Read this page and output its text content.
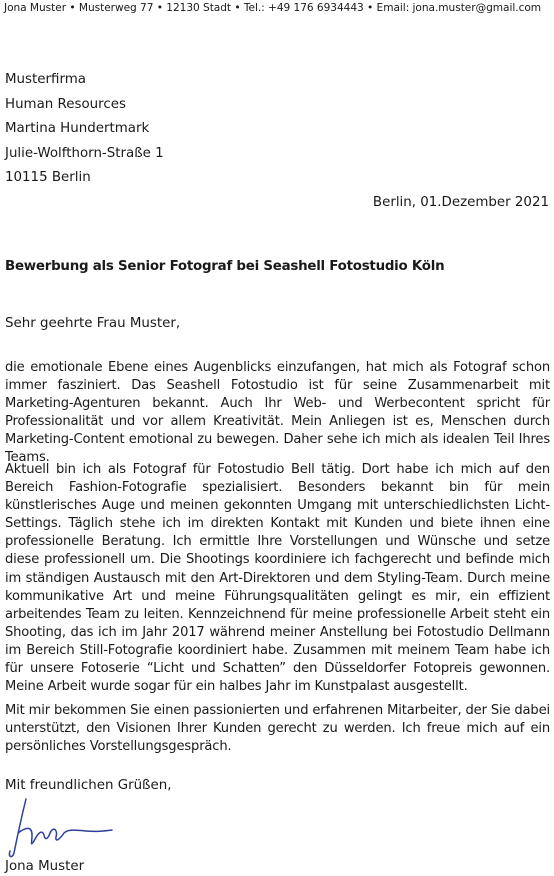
Jona Muster • Musterweg 77 • 12130 Stadt • Tel.: +49 176 6934443 • Email: jona.muster@gmail.com
Musterfirma
Human Resources
Martina Hundertmark
Julie-Wolfthorn-Straße 1
10115 Berlin
Berlin, 01.Dezember 2021
Bewerbung als Senior Fotograf bei Seashell Fotostudio Köln
Sehr geehrte Frau Muster,
die emotionale Ebene eines Augenblicks einzufangen, hat mich als Fotograf schon immer fasziniert. Das Seashell Fotostudio ist für seine Zusammenarbeit mit Marketing-Agenturen bekannt. Auch Ihr Web- und Werbecontent spricht für Professionalität und vor allem Kreativität. Mein Anliegen ist es, Menschen durch Marketing-Content emotional zu bewegen. Daher sehe ich mich als idealen Teil Ihres Teams.
Aktuell bin ich als Fotograf für Fotostudio Bell tätig. Dort habe ich mich auf den Bereich Fashion-Fotografie spezialisiert. Besonders bekannt bin für mein künstlerisches Auge und meinen gekonnten Umgang mit unterschiedlichsten Licht-Settings. Täglich stehe ich im direkten Kontakt mit Kunden und biete ihnen eine professionelle Beratung. Ich ermittle Ihre Vorstellungen und Wünsche und setze diese professionell um. Die Shootings koordiniere ich fachgerecht und befinde mich im ständigen Austausch mit den Art-Direktoren und dem Styling-Team. Durch meine kommunikative Art und meine Führungsqualitäten gelingt es mir, ein effizient arbeitendes Team zu leiten. Kennzeichnend für meine professionelle Arbeit steht ein Shooting, das ich im Jahr 2017 während meiner Anstellung bei Fotostudio Dellmann im Bereich Still-Fotografie koordiniert habe. Zusammen mit meinem Team habe ich für unsere Fotoserie “Licht und Schatten” den Düsseldorfer Fotopreis gewonnen. Meine Arbeit wurde sogar für ein halbes Jahr im Kunstpalast ausgestellt.
Mit mir bekommen Sie einen passionierten und erfahrenen Mitarbeiter, der Sie dabei unterstützt, den Visionen Ihrer Kunden gerecht zu werden. Ich freue mich auf ein persönliches Vorstellungsgespräch.
Mit freundlichen Grüßen,
Jona Muster
